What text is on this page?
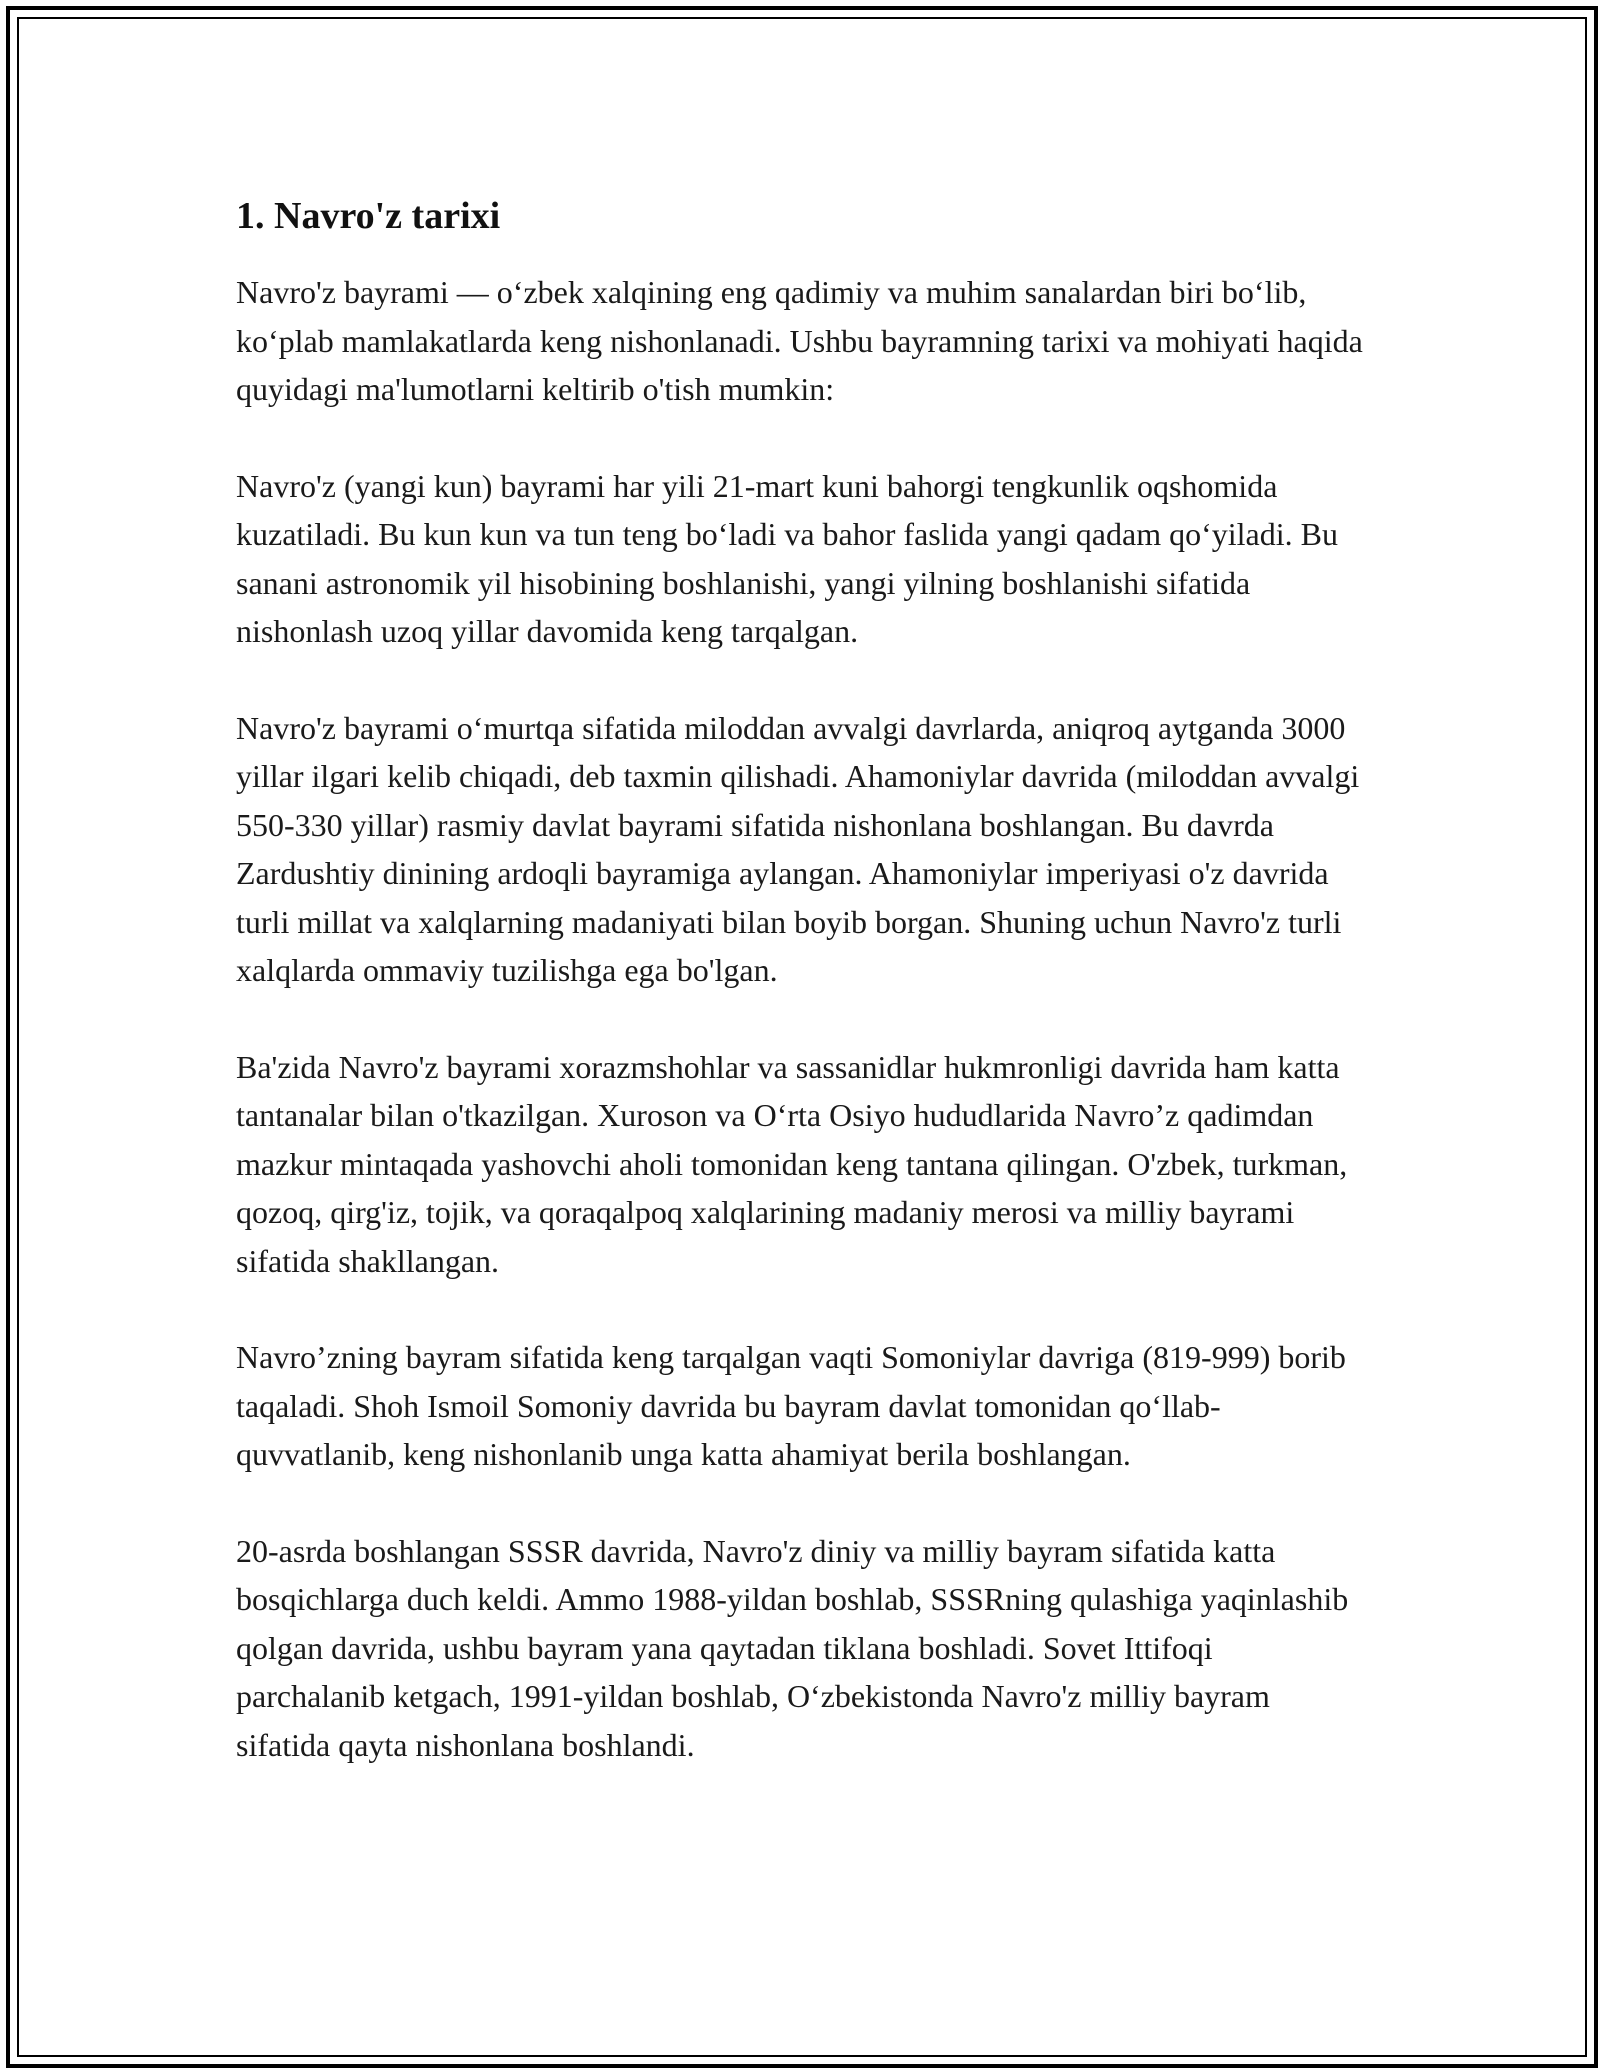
1. Navro'z tarixi

Navro'z bayrami — o‘zbek xalqining eng qadimiy va muhim sanalardan biri bo‘lib, ko‘plab mamlakatlarda keng nishonlanadi. Ushbu bayramning tarixi va mohiyati haqida quyidagi ma'lumotlarni keltirib o'tish mumkin:

Navro'z (yangi kun) bayrami har yili 21-mart kuni bahorgi tengkunlik oqshomida kuzatiladi. Bu kun kun va tun teng bo‘ladi va bahor faslida yangi qadam qo‘yiladi. Bu sanani astronomik yil hisobining boshlanishi, yangi yilning boshlanishi sifatida nishonlash uzoq yillar davomida keng tarqalgan.

Navro'z bayrami o‘murtqa sifatida miloddan avvalgi davrlarda, aniqroq aytganda 3000 yillar ilgari kelib chiqadi, deb taxmin qilishadi. Ahamoniylar davrida (miloddan avvalgi 550-330 yillar) rasmiy davlat bayrami sifatida nishonlana boshlangan. Bu davrda Zardushtiy dinining ardoqli bayramiga aylangan. Ahamoniylar imperiyasi o'z davrida turli millat va xalqlarning madaniyati bilan boyib borgan. Shuning uchun Navro'z turli xalqlarda ommaviy tuzilishga ega bo'lgan.

Ba'zida Navro'z bayrami xorazmshohlar va sassanidlar hukmronligi davrida ham katta tantanalar bilan o'tkazilgan. Xuroson va O‘rta Osiyo hududlarida Navro’z qadimdan mazkur mintaqada yashovchi aholi tomonidan keng tantana qilingan. O'zbek, turkman, qozoq, qirg'iz, tojik, va qoraqalpoq xalqlarining madaniy merosi va milliy bayrami sifatida shakllangan.

Navro’zning bayram sifatida keng tarqalgan vaqti Somoniylar davriga (819-999) borib taqaladi. Shoh Ismoil Somoniy davrida bu bayram davlat tomonidan qo‘llab-quvvatlanib, keng nishonlanib unga katta ahamiyat berila boshlangan.

20-asrda boshlangan SSSR davrida, Navro'z diniy va milliy bayram sifatida katta bosqichlarga duch keldi. Ammo 1988-yildan boshlab, SSSRning qulashiga yaqinlashib qolgan davrida, ushbu bayram yana qaytadan tiklana boshladi. Sovet Ittifoqi parchalanib ketgach, 1991-yildan boshlab, O‘zbekistonda Navro'z milliy bayram sifatida qayta nishonlana boshlandi.
